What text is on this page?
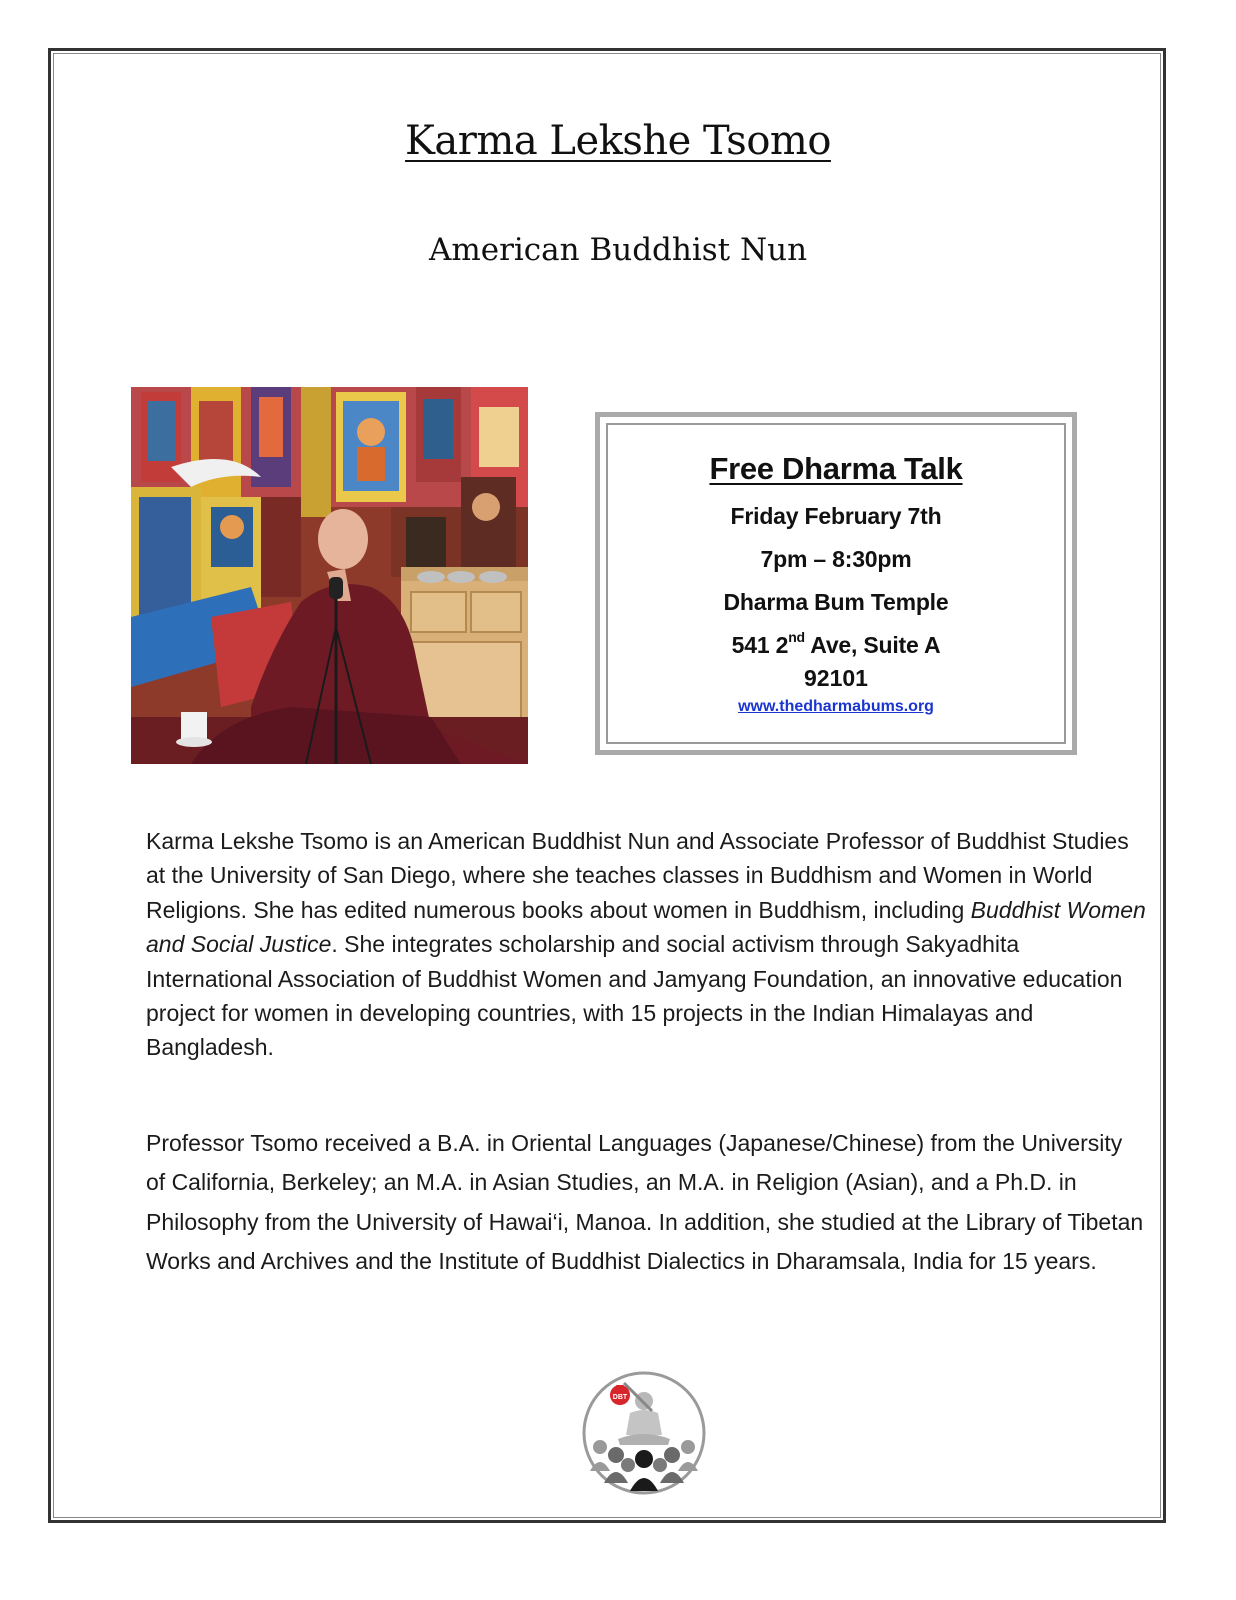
Karma Lekshe Tsomo
American Buddhist Nun
Free Dharma Talk
Friday February 7th
7pm – 8:30pm
Dharma Bum Temple
541 2nd Ave, Suite A
92101
www.thedharmabums.org

Karma Lekshe Tsomo is an American Buddhist Nun and Associate Professor of Buddhist Studies at the University of San Diego, where she teaches classes in Buddhism and Women in World Religions. She has edited numerous books about women in Buddhism, including Buddhist Women and Social Justice. She integrates scholarship and social activism through Sakyadhita International Association of Buddhist Women and Jamyang Foundation, an innovative education project for women in developing countries, with 15 projects in the Indian Himalayas and Bangladesh.

Professor Tsomo received a B.A. in Oriental Languages (Japanese/Chinese) from the University of California, Berkeley; an M.A. in Asian Studies, an M.A. in Religion (Asian), and a Ph.D. in Philosophy from the University of Hawai‘i, Manoa. In addition, she studied at the Library of Tibetan Works and Archives and the Institute of Buddhist Dialectics in Dharamsala, India for 15 years.

DBT
